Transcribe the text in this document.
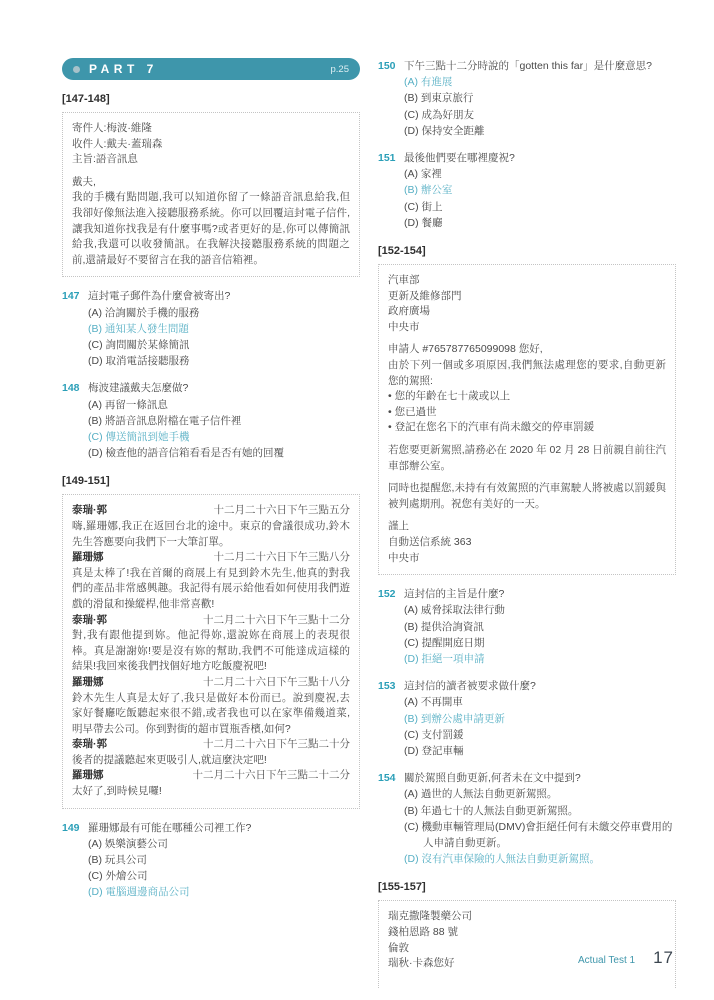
PART 7	p.25
[147-148]

寄件人:梅波·維隆

收件人:戴夫·蓋瑞森

主旨:語音訊息

戴夫,

我的手機有點問題,我可以知道你留了一條語音訊息給我,但我卻好像無法進入接聽服務系統。你可以回覆這封電子信件,讓我知道你找我是有什麼事嗎?或者更好的是,你可以傳簡訊給我,我還可以收發簡訊。在我解決接聽服務系統的問題之前,還請最好不要留言在我的語音信箱裡。

147 這封電子郵件為什麼會被寄出?
(A) 洽詢關於手機的服務
(B) 通知某人發生問題
(C) 詢問關於某條簡訊
(D) 取消電話接聽服務
148 梅波建議戴夫怎麼做?
(A) 再留一條訊息
(B) 將語音訊息附檔在電子信件裡
(C) 傳送簡訊到她手機
(D) 檢查他的語音信箱看看是否有她的回覆
[149-151]
泰瑞·郭	十二月二十六日下午三點五分

嗨,羅珊娜,我正在返回台北的途中。東京的會議很成功,鈴木先生答應要向我們下一大筆訂單。

羅珊娜	十二月二十六日下午三點八分

真是太棒了!我在首爾的商展上有見到鈴木先生,他真的對我們的產品非常感興趣。我記得有展示給他看如何使用我們遊戲的滑鼠和操縱桿,他非常喜歡!

泰瑞·郭	十二月二十六日下午三點十二分

對,我有跟他提到妳。他記得妳,還說妳在商展上的表現很棒。真是謝謝妳!要是沒有妳的幫助,我們不可能達成這樣的結果!我回來後我們找個好地方吃飯慶祝吧!

羅珊娜	十二月二十六日下午三點十八分

鈴木先生人真是太好了,我只是做好本份而已。說到慶祝,去家好餐廳吃飯聽起來很不錯,或者我也可以在家準備幾道菜,明早帶去公司。你到對街的超市買瓶香檳,如何?

泰瑞·郭	十二月二十六日下午三點二十分

後者的提議聽起來更吸引人,就這麼決定吧!

羅珊娜	十二月二十六日下午三點二十二分

太好了,到時候見囉!

149 羅珊娜最有可能在哪種公司裡工作?
(A) 娛樂演藝公司
(B) 玩具公司
(C) 外燴公司
(D) 電腦週邊商品公司
150 下午三點十二分時說的「gotten this far」是什麼意思?
(A) 有進展
(B) 到東京旅行
(C) 成為好朋友
(D) 保持安全距離
151 最後他們要在哪裡慶祝?
(A) 家裡
(B) 辦公室
(C) 街上
(D) 餐廳
[152-154]

汽車部

更新及維修部門

政府廣場

中央市

申請人 #765787765099098 您好,

由於下列一個或多項原因,我們無法處理您的要求,自動更新您的駕照:

• 您的年齡在七十歲或以上

• 您已過世

• 登記在您名下的汽車有尚未繳交的停車罰鍰

若您要更新駕照,請務必在 2020 年 02 月 28 日前親自前往汽車部辦公室。

同時也提醒您,未持有有效駕照的汽車駕駛人將被處以罰鍰與被判處期刑。祝您有美好的一天。

謹上

自動送信系統 363

中央市

152 這封信的主旨是什麼?
(A) 威脅採取法律行動
(B) 提供洽詢資訊
(C) 提醒開庭日期
(D) 拒絕一項申請
153 這封信的讀者被要求做什麼?
(A) 不再開車
(B) 到辦公處申請更新
(C) 支付罰鍰
(D) 登記車輛
154 關於駕照自動更新,何者未在文中提到?
(A) 過世的人無法自動更新駕照。
(B) 年過七十的人無法自動更新駕照。
(C) 機動車輛管理局(DMV)會拒絕任何有未繳交停車費用的人申請自動更新。
(D) 沒有汽車保險的人無法自動更新駕照。
[155-157]

瑞克撒隆製藥公司

錢柏恩路 88 號

倫敦

瑞秋·卡森您好	Actual Test 1 17
